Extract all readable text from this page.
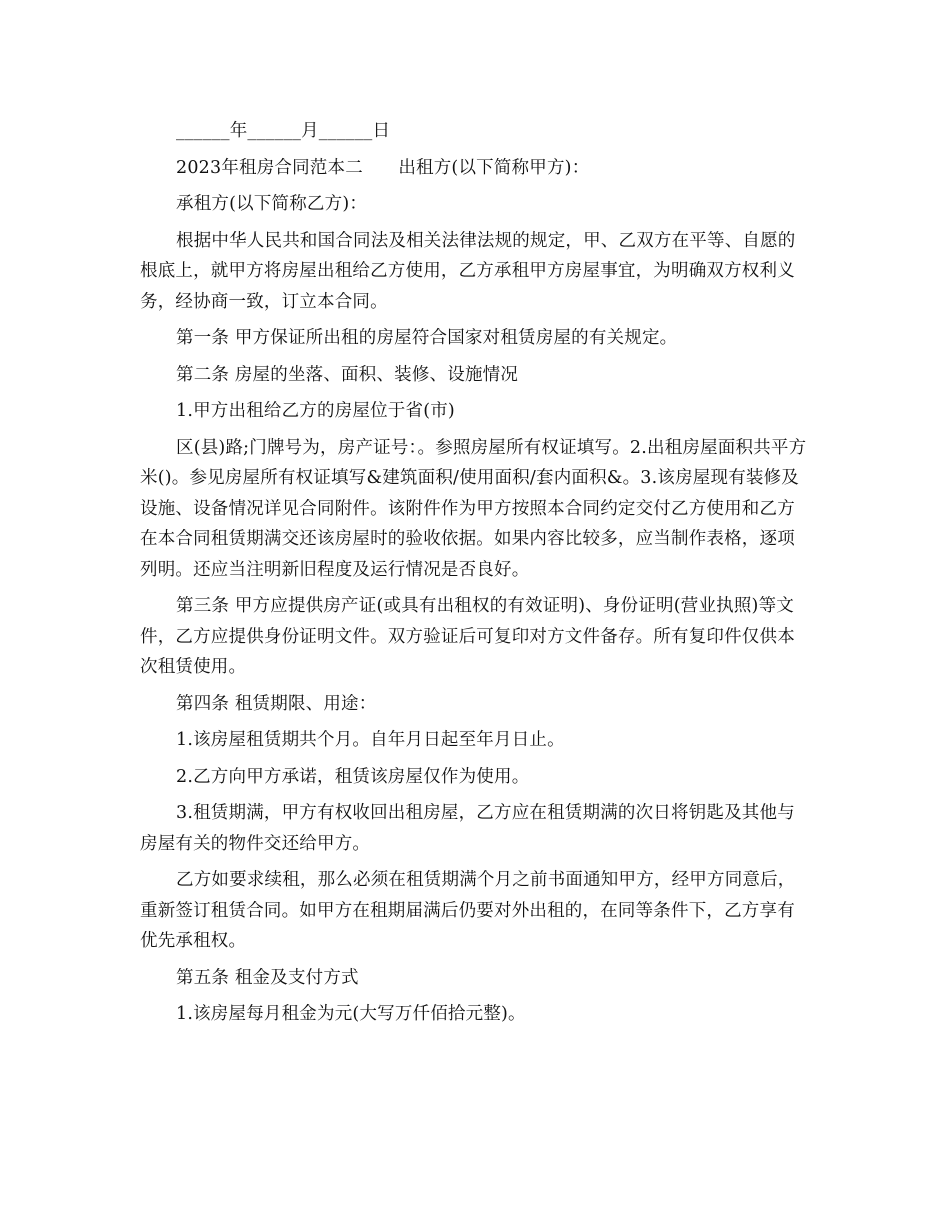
______年______月______日

2023年租房合同范本二　　出租方(以下简称甲方)：

承租方(以下简称乙方)：

根据中华人民共和国合同法及相关法律法规的规定，甲、乙双方在平等、自愿的根底上，就甲方将房屋出租给乙方使用，乙方承租甲方房屋事宜，为明确双方权利义务，经协商一致，订立本合同。

第一条 甲方保证所出租的房屋符合国家对租赁房屋的有关规定。

第二条 房屋的坐落、面积、装修、设施情况

1.甲方出租给乙方的房屋位于省(市)

区(县)路;门牌号为，房产证号：。参照房屋所有权证填写。2.出租房屋面积共平方米()。参见房屋所有权证填写&建筑面积/使用面积/套内面积&。3.该房屋现有装修及设施、设备情况详见合同附件。该附件作为甲方按照本合同约定交付乙方使用和乙方在本合同租赁期满交还该房屋时的验收依据。如果内容比较多，应当制作表格，逐项列明。还应当注明新旧程度及运行情况是否良好。

第三条 甲方应提供房产证(或具有出租权的有效证明)、身份证明(营业执照)等文件，乙方应提供身份证明文件。双方验证后可复印对方文件备存。所有复印件仅供本次租赁使用。

第四条 租赁期限、用途：

1.该房屋租赁期共个月。自年月日起至年月日止。

2.乙方向甲方承诺，租赁该房屋仅作为使用。

3.租赁期满，甲方有权收回出租房屋，乙方应在租赁期满的次日将钥匙及其他与房屋有关的物件交还给甲方。

乙方如要求续租，那么必须在租赁期满个月之前书面通知甲方，经甲方同意后，重新签订租赁合同。如甲方在租期届满后仍要对外出租的，在同等条件下，乙方享有优先承租权。

第五条 租金及支付方式

1.该房屋每月租金为元(大写万仟佰拾元整)。
